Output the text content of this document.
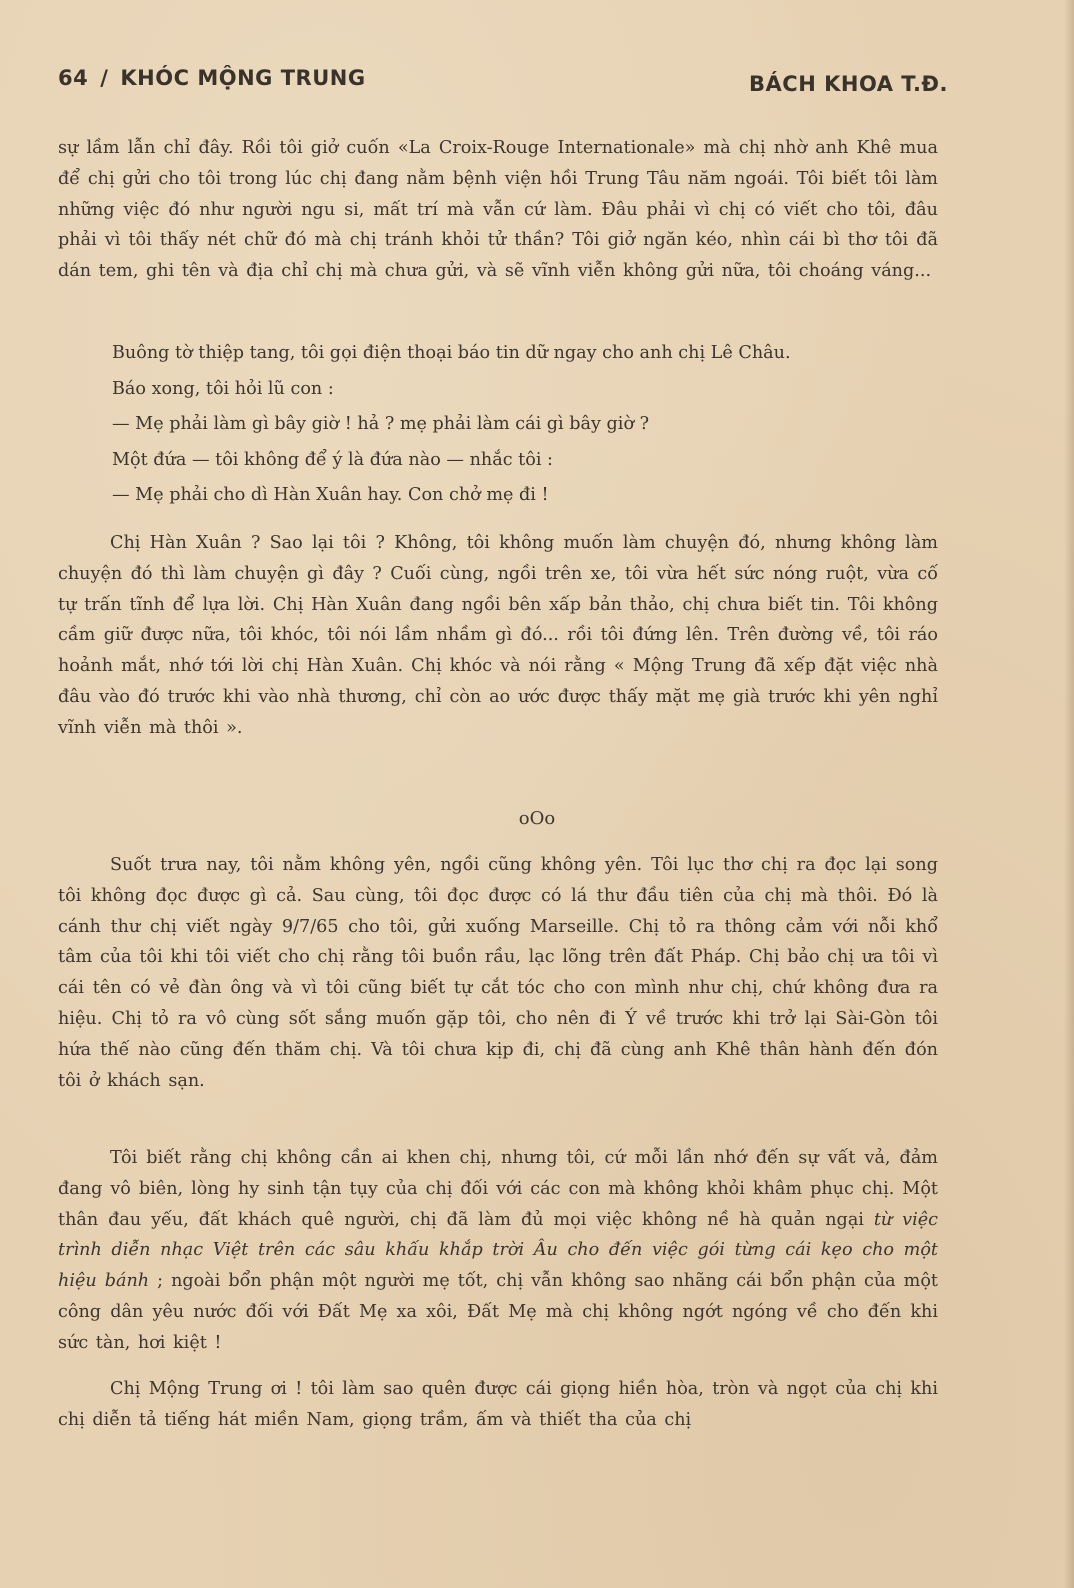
64 / KHÓC MỘNG TRUNG	BÁCH KHOA T.Đ.

sự lầm lẫn chỉ đây. Rồi tôi giở cuốn «La Croix-Rouge Internationale» mà chị nhờ anh Khê mua để chị gửi cho tôi trong lúc chị đang nằm bệnh viện hồi Trung Tâu năm ngoái. Tôi biết tôi làm những việc đó như người ngu si, mất trí mà vẫn cứ làm. Đâu phải vì chị có viết cho tôi, đâu phải vì tôi thấy nét chữ đó mà chị tránh khỏi tử thần? Tôi giở ngăn kéo, nhìn cái bì thơ tôi đã dán tem, ghi tên và địa chỉ chị mà chưa gửi, và sẽ vĩnh viễn không gửi nữa, tôi choáng váng...

Buông tờ thiệp tang, tôi gọi điện thoại báo tin dữ ngay cho anh chị Lê Châu.

Báo xong, tôi hỏi lũ con :

— Mẹ phải làm gì bây giờ ! hả ? mẹ phải làm cái gì bây giờ ?

Một đứa — tôi không để ý là đứa nào — nhắc tôi :

— Mẹ phải cho dì Hàn Xuân hay. Con chở mẹ đi !

Chị Hàn Xuân ? Sao lại tôi ? Không, tôi không muốn làm chuyện đó, nhưng không làm chuyện đó thì làm chuyện gì đây ? Cuối cùng, ngồi trên xe, tôi vừa hết sức nóng ruột, vừa cố tự trấn tĩnh để lựa lời. Chị Hàn Xuân đang ngồi bên xấp bản thảo, chị chưa biết tin. Tôi không cầm giữ được nữa, tôi khóc, tôi nói lầm nhầm gì đó... rồi tôi đứng lên. Trên đường về, tôi ráo hoảnh mắt, nhớ tới lời chị Hàn Xuân. Chị khóc và nói rằng « Mộng Trung đã xếp đặt việc nhà đâu vào đó trước khi vào nhà thương, chỉ còn ao ước được thấy mặt mẹ già trước khi yên nghỉ vĩnh viễn mà thôi ».

oOo

Suốt trưa nay, tôi nằm không yên, ngồi cũng không yên. Tôi lục thơ chị ra đọc lại song tôi không đọc được gì cả. Sau cùng, tôi đọc được có lá thư đầu tiên của chị mà thôi. Đó là cánh thư chị viết ngày 9/7/65 cho tôi, gửi xuống Marseille. Chị tỏ ra thông cảm với nỗi khổ tâm của tôi khi tôi viết cho chị rằng tôi buồn rầu, lạc lõng trên đất Pháp. Chị bảo chị ưa tôi vì cái tên có vẻ đàn ông và vì tôi cũng biết tự cắt tóc cho con mình như chị, chứ không đưa ra hiệu. Chị tỏ ra vô cùng sốt sắng muốn gặp tôi, cho nên đi Ý về trước khi trở lại Sài-Gòn tôi hứa thế nào cũng đến thăm chị. Và tôi chưa kịp đi, chị đã cùng anh Khê thân hành đến đón tôi ở khách sạn.

Tôi biết rằng chị không cần ai khen chị, nhưng tôi, cứ mỗi lần nhớ đến sự vất vả, đảm đang vô biên, lòng hy sinh tận tụy của chị đối với các con mà không khỏi khâm phục chị. Một thân đau yếu, đất khách quê người, chị đã làm đủ mọi việc không nề hà quản ngại từ việc trình diễn nhạc Việt trên các sâu khấu khắp trời Âu cho đến việc gói từng cái kẹo cho một hiệu bánh ; ngoài bổn phận một người mẹ tốt, chị vẫn không sao nhãng cái bổn phận của một công dân yêu nước đối với Đất Mẹ xa xôi, Đất Mẹ mà chị không ngớt ngóng về cho đến khi sức tàn, hơi kiệt !

Chị Mộng Trung ơi ! tôi làm sao quên được cái giọng hiền hòa, tròn và ngọt của chị khi chị diễn tả tiếng hát miền Nam, giọng trầm, ấm và thiết tha của chị
